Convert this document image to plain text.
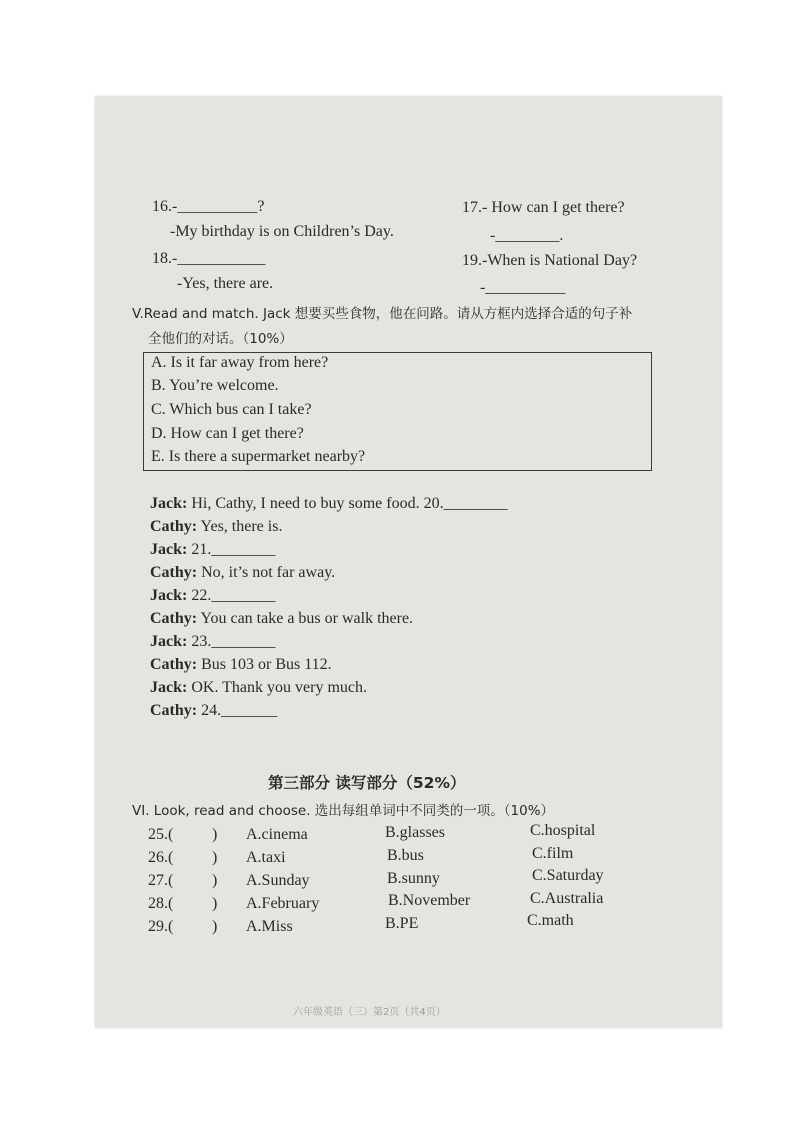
16.-__________?
-My birthday is on Children’s Day.
18.-___________
-Yes, there are.
17.- How can I get there?
-________.
19.-When is National Day?
-__________
V.Read and match. Jack 想要买些食物，他在问路。请从方框内选择合适的句子补
全他们的对话。（10%）
A. Is it far away from here?
B. You’re welcome.
C. Which bus can I take?
D. How can I get there?
E. Is there a supermarket nearby?
Jack: Hi, Cathy, I need to buy some food. 20.________
Cathy: Yes, there is.
Jack: 21.________
Cathy: No, it’s not far away.
Jack: 22.________
Cathy: You can take a bus or walk there.
Jack: 23.________
Cathy: Bus 103 or Bus 112.
Jack: OK. Thank you very much.
Cathy: 24._______
第三部分 读写部分（52%）
VI. Look, read and choose. 选出每组单词中不同类的一项。（10%）
25.( ) A.cinema	B.glasses	C.hospital
26.( ) A.taxi	B.bus	C.film
27.( ) A.Sunday	B.sunny	C.Saturday
28.( ) A.February	B.November	C.Australia
29.( ) A.Miss	B.PE	C.math
六年级英语（三）第2页（共4页）
